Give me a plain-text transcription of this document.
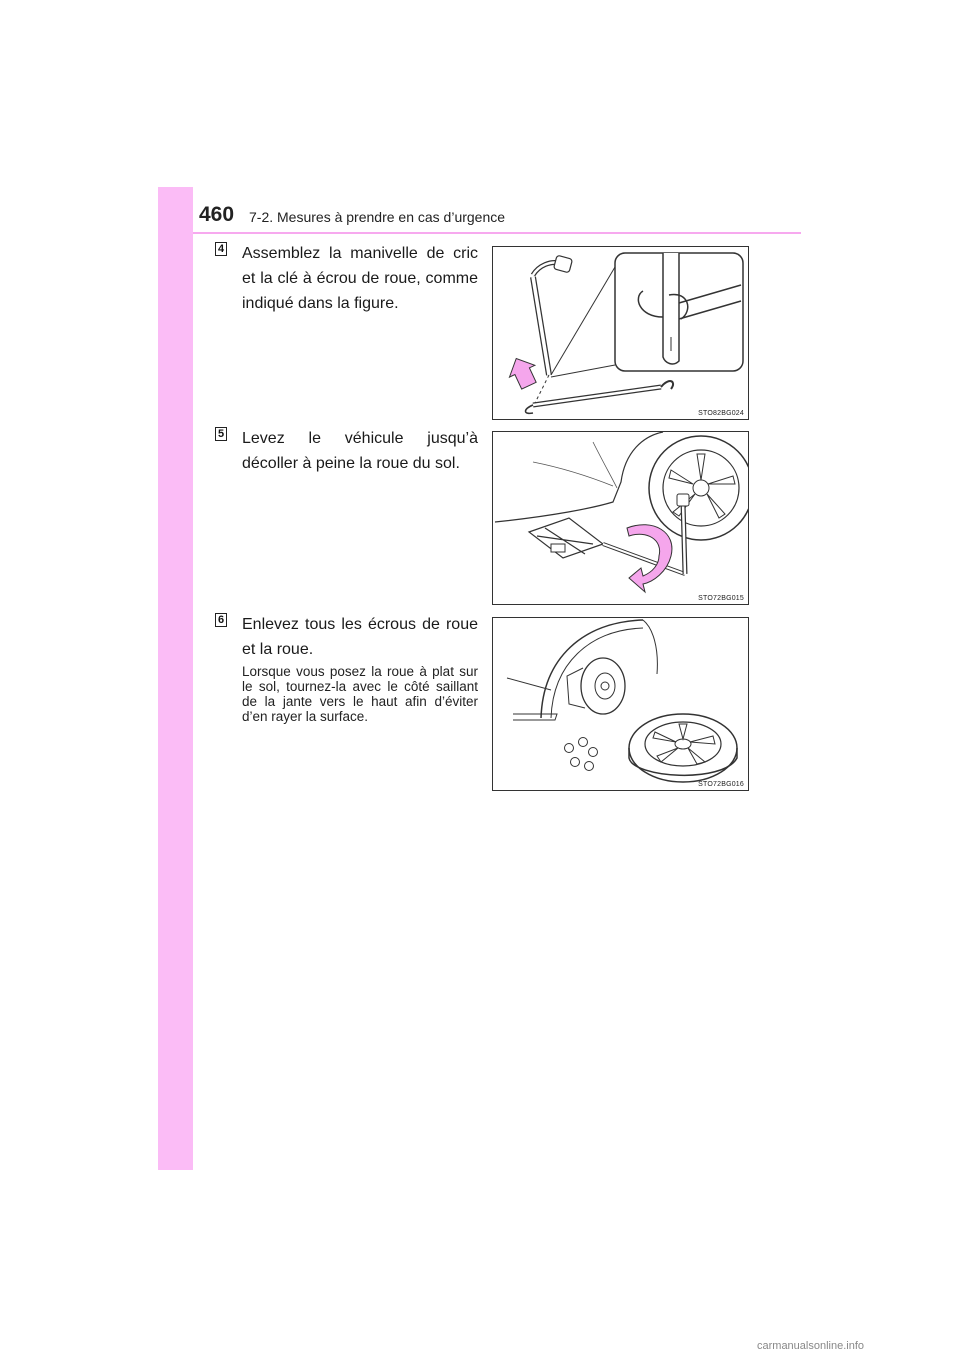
460 7-2. Mesures à prendre en cas d’urgence
4 Assemblez la manivelle de cric et la clé à écrou de roue, comme indiqué dans la figure.
STO82BG024
5 Levez le véhicule jusqu’à décoller à peine la roue du sol.
STO72BG015
6 Enlevez tous les écrous de roue et la roue.
Lorsque vous posez la roue à plat sur le sol, tournez-la avec le côté saillant de la jante vers le haut afin d’éviter d’en rayer la surface.
STO72BG016
carmanualsonline.info
